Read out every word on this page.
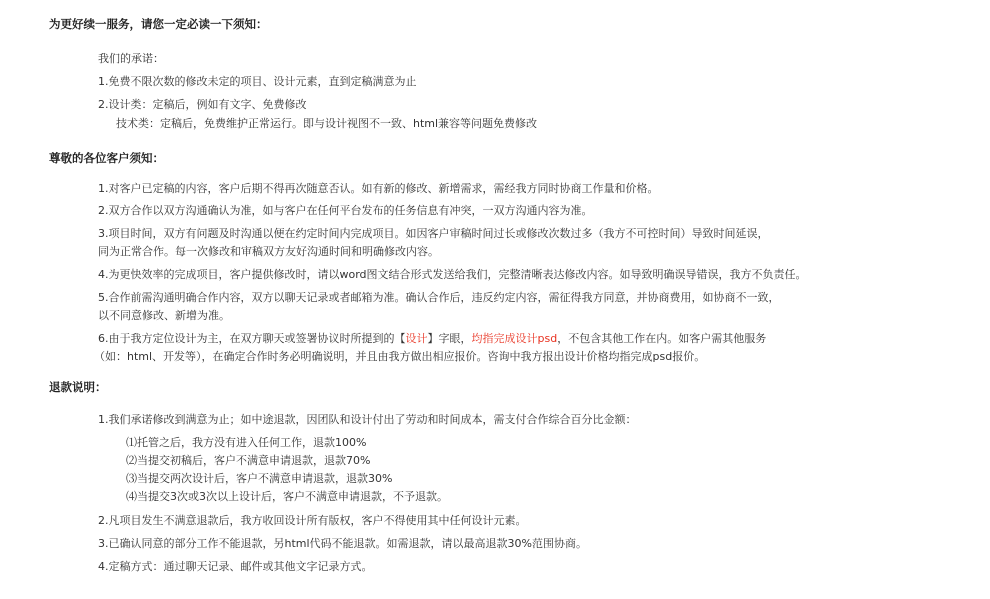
为更好续一服务，请您一定必读一下须知：
我们的承诺：
1.免费不限次数的修改未定的项目、设计元素，直到定稿满意为止
2.设计类：定稿后，例如有文字、免费修改
技术类：定稿后，免费维护正常运行。即与设计视图不一致、html兼容等问题免费修改
尊敬的各位客户须知：
1.对客户已定稿的内容，客户后期不得再次随意否认。如有新的修改、新增需求，需经我方同时协商工作量和价格。
2.双方合作以双方沟通确认为准，如与客户在任何平台发布的任务信息有冲突，一双方沟通内容为准。
3.项目时间，双方有问题及时沟通以便在约定时间内完成项目。如因客户审稿时间过长或修改次数过多（我方不可控时间）导致时间延误，
同为正常合作。每一次修改和审稿双方友好沟通时间和明确修改内容。
4.为更快效率的完成项目，客户提供修改时，请以word图文结合形式发送给我们，完整清晰表达修改内容。如导致明确误导错误，我方不负责任。
5.合作前需沟通明确合作内容，双方以聊天记录或者邮箱为准。确认合作后，违反约定内容，需征得我方同意，并协商费用，如协商不一致，
以不同意修改、新增为准。
6.由于我方定位设计为主，在双方聊天或签署协议时所提到的【设计】字眼，均指完成设计psd，不包含其他工作在内。如客户需其他服务
（如：html、开发等），在确定合作时务必明确说明，并且由我方做出相应报价。咨询中我方报出设计价格均指完成psd报价。
退款说明：
1.我们承诺修改到满意为止；如中途退款，因团队和设计付出了劳动和时间成本，需支付合作综合百分比金额：
⑴托管之后，我方没有进入任何工作，退款100%
⑵当提交初稿后，客户不满意申请退款，退款70%
⑶当提交两次设计后，客户不满意申请退款，退款30%
⑷当提交3次或3次以上设计后，客户不满意申请退款，不予退款。
2.凡项目发生不满意退款后，我方收回设计所有版权，客户不得使用其中任何设计元素。
3.已确认同意的部分工作不能退款，另html代码不能退款。如需退款，请以最高退款30%范围协商。
4.定稿方式：通过聊天记录、邮件或其他文字记录方式。
